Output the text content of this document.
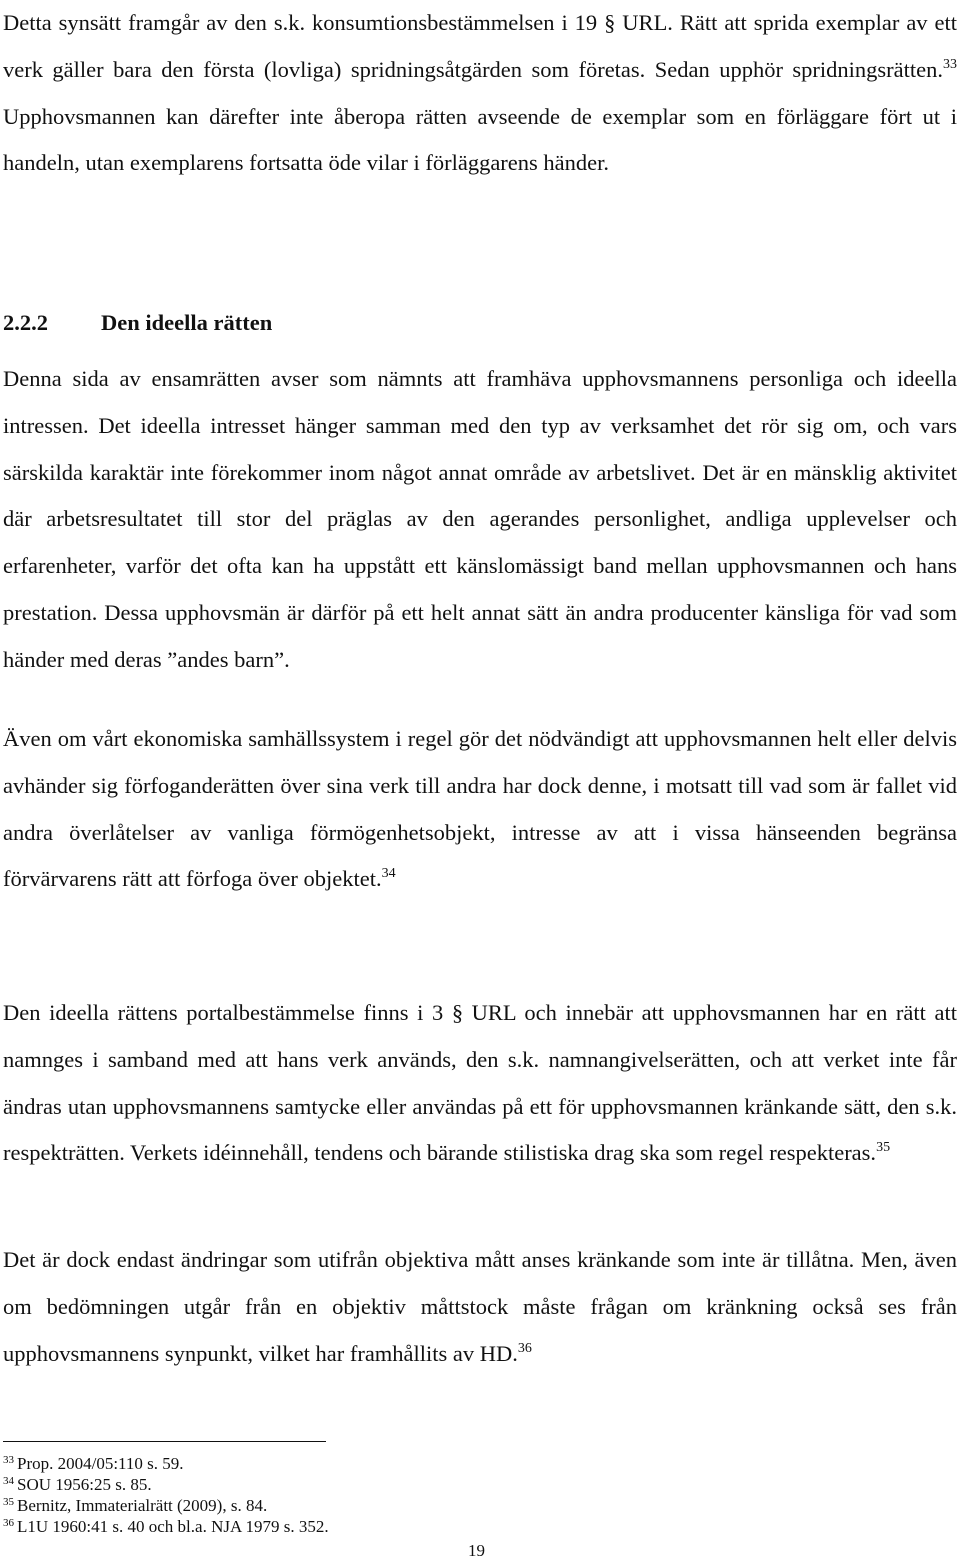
Detta synsätt framgår av den s.k. konsumtionsbestämmelsen i 19 § URL. Rätt att sprida exemplar av ett verk gäller bara den första (lovliga) spridningsåtgärden som företas. Sedan upphör spridningsrätten.$^{33}$ Upphovsmannen kan därefter inte åberopa rätten avseende de exemplar som en förläggare fört ut i handeln, utan exemplarens fortsatta öde vilar i förläggarens händer.

2.2.2 Den ideella rätten

Denna sida av ensamrätten avser som nämnts att framhäva upphovsmannens personliga och ideella intressen. Det ideella intresset hänger samman med den typ av verksamhet det rör sig om, och vars särskilda karaktär inte förekommer inom något annat område av arbetslivet. Det är en mänsklig aktivitet där arbetsresultatet till stor del präglas av den agerandes personlighet, andliga upplevelser och erfarenheter, varför det ofta kan ha uppstått ett känslomässigt band mellan upphovsmannen och hans prestation. Dessa upphovsmän är därför på ett helt annat sätt än andra producenter känsliga för vad som händer med deras ”andes barn”.

Även om vårt ekonomiska samhällssystem i regel gör det nödvändigt att upphovsmannen helt eller delvis avhänder sig förfoganderätten över sina verk till andra har dock denne, i motsatt till vad som är fallet vid andra överlåtelser av vanliga förmögenhetsobjekt, intresse av att i vissa hänseenden begränsa förvärvarens rätt att förfoga över objektet.$^{34}$

Den ideella rättens portalbestämmelse finns i 3 § URL och innebär att upphovsmannen har en rätt att namnges i samband med att hans verk används, den s.k. namnangivelserätten, och att verket inte får ändras utan upphovsmannens samtycke eller användas på ett för upphovsmannen kränkande sätt, den s.k. respekträtten. Verkets idéinnehåll, tendens och bärande stilistiska drag ska som regel respekteras.$^{35}$

Det är dock endast ändringar som utifrån objektiva mått anses kränkande som inte är tillåtna. Men, även om bedömningen utgår från en objektiv måttstock måste frågan om kränkning också ses från upphovsmannens synpunkt, vilket har framhållits av HD.$^{36}$

$^{33}$ Prop. 2004/05:110 s. 59.

$^{34}$ SOU 1956:25 s. 85.

$^{35}$ Bernitz, Immaterialrätt (2009), s. 84.

$^{36}$ L1U 1960:41 s. 40 och bl.a. NJA 1979 s. 352.

19
